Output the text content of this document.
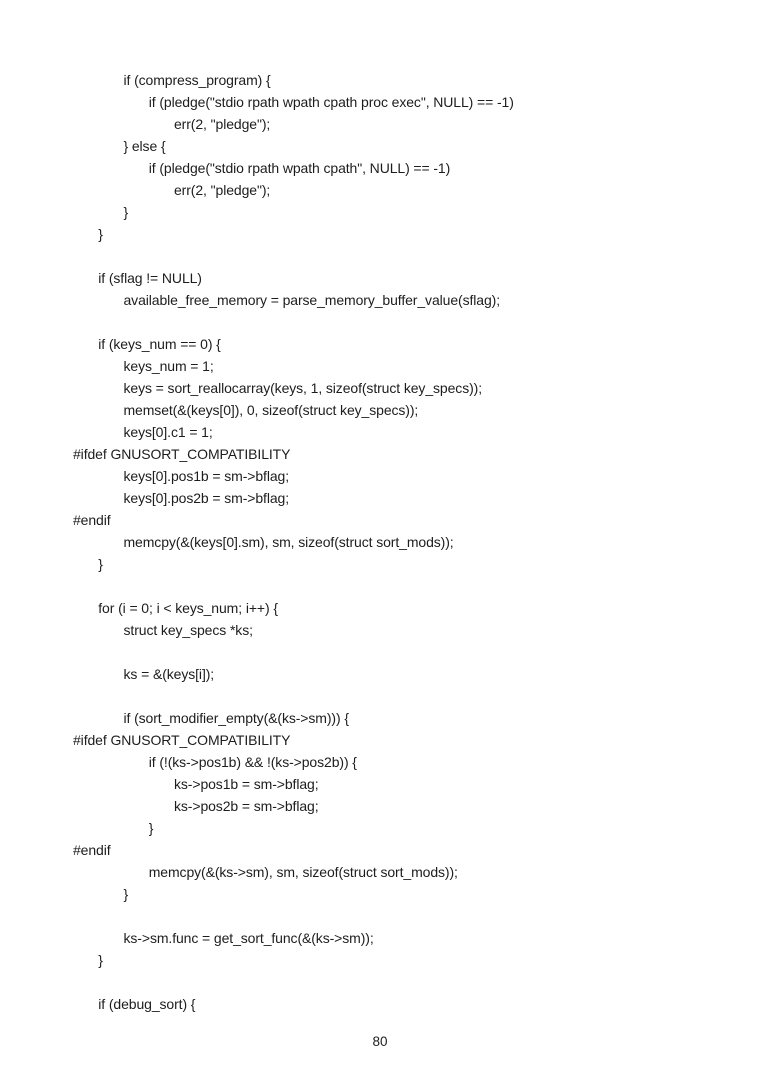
if (compress_program) {
if (pledge("stdio rpath wpath cpath proc exec", NULL) == -1)
err(2, "pledge");
} else {
if (pledge("stdio rpath wpath cpath", NULL) == -1)
err(2, "pledge");
}
}
if (sflag != NULL)
available_free_memory = parse_memory_buffer_value(sflag);
if (keys_num == 0) {
keys_num = 1;
keys = sort_reallocarray(keys, 1, sizeof(struct key_specs));
memset(&(keys[0]), 0, sizeof(struct key_specs));
keys[0].c1 = 1;
#ifdef GNUSORT_COMPATIBILITY
keys[0].pos1b = sm->bflag;
keys[0].pos2b = sm->bflag;
#endif
memcpy(&(keys[0].sm), sm, sizeof(struct sort_mods));
}
for (i = 0; i < keys_num; i++) {
struct key_specs *ks;
ks = &(keys[i]);
if (sort_modifier_empty(&(ks->sm))) {
#ifdef GNUSORT_COMPATIBILITY
if (!(ks->pos1b) && !(ks->pos2b)) {
ks->pos1b = sm->bflag;
ks->pos2b = sm->bflag;
}
#endif
memcpy(&(ks->sm), sm, sizeof(struct sort_mods));
}
ks->sm.func = get_sort_func(&(ks->sm));
}
if (debug_sort) {
80
